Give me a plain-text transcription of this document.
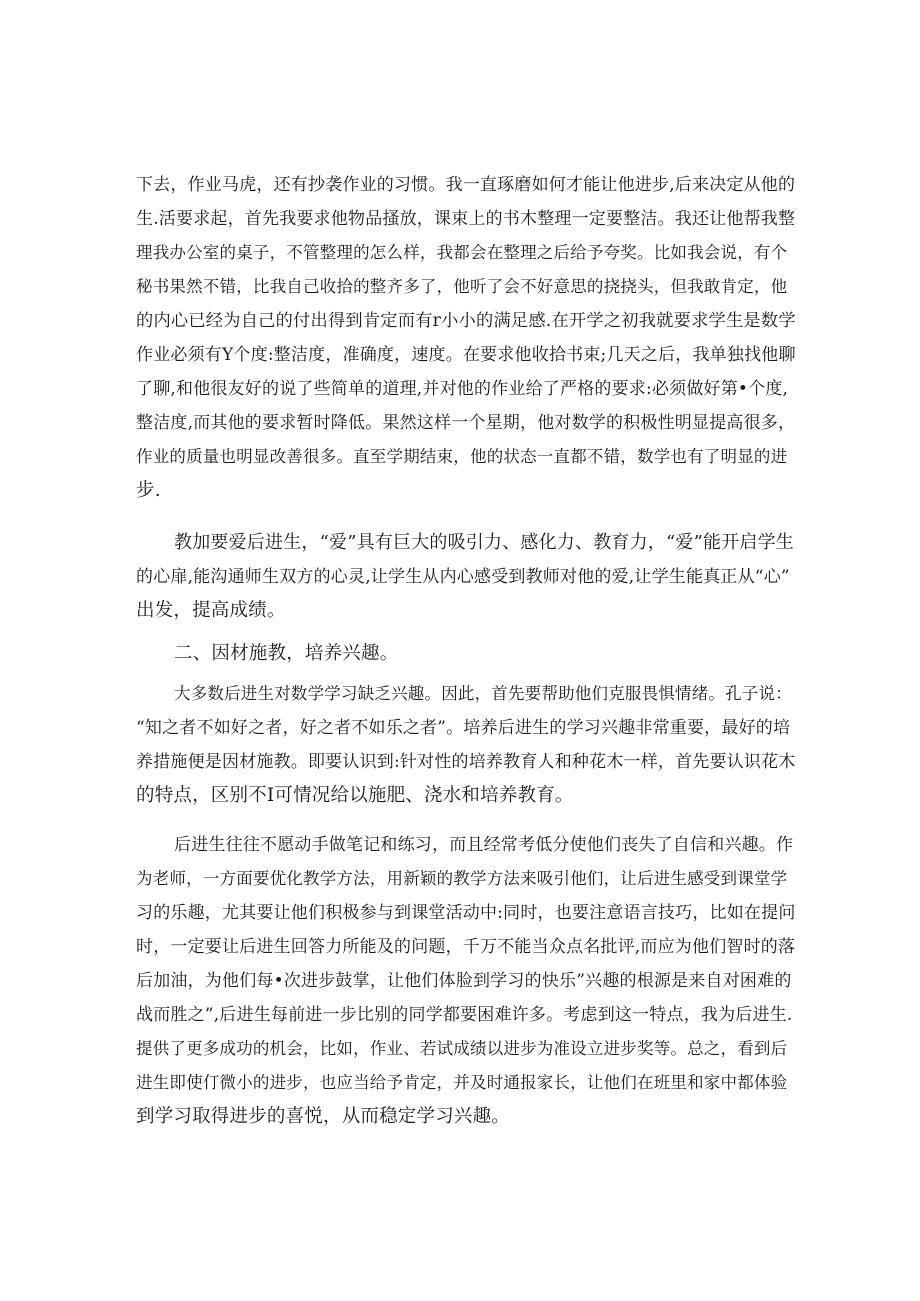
下去，作业马虎，还有抄袭作业的习惯。我一直琢磨如何才能让他进步,后来决定从他的
生.活要求起，首先我要求他物品搔放，课束上的书木整理一定要整洁。我还让他帮我整
理我办公室的桌子，不管整理的怎么样，我都会在整理之后给予夸奖。比如我会说，有个
秘书果然不错，比我自己收拾的整齐多了，他听了会不好意思的挠挠头，但我敢肯定，他
的内心已经为自己的付出得到肯定而有r小小的满足感.在开学之初我就要求学生是数学
作业必须有Y个度:整洁度，准确度，速度。在要求他收拾书束;几天之后，我单独找他聊
了聊,和他很友好的说了些简单的道理,并对他的作业给了严格的要求:必须做好第•个度,
整洁度,而其他的要求暂时降低。果然这样一个星期，他对数学的积极性明显提高很多，
作业的质量也明显改善很多。直至学期结束，他的状态一直都不错，数学也有了明显的进
步.
教加要爱后进生，“爱”具有巨大的吸引力、感化力、教育力，“爱”能开启学生
的心扉,能沟通师生双方的心灵,让学生从内心感受到教师对他的爱,让学生能真正从“心”
出发，提高成绩。
二、因材施教，培养兴趣。
大多数后进生对数学学习缺乏兴趣。因此，首先要帮助他们克服畏惧情绪。孔子说：
“知之者不如好之者，好之者不如乐之者”。培养后进生的学习兴趣非常重要，最好的培
养措施便是因材施教。即要认识到:针对性的培养教育人和种花木一样，首先要认识花木
的特点，区别不I可情况给以施肥、浇水和培养教育。
后进生往往不愿动手做笔记和练习，而且经常考低分使他们丧失了自信和兴趣。作
为老师，一方面要优化教学方法，用新颖的教学方法来吸引他们，让后进生感受到课堂学
习的乐趣，尤其要让他们积极参与到课堂活动中:同时，也要注意语言技巧，比如在提问
时，一定要让后进生回答力所能及的问题，千万不能当众点名批评,而应为他们智时的落
后加油，为他们每•次进步鼓掌，让他们体脸到学习的快乐”兴趣的根源是来自对困难的
战而胜之”,后进生每前进一步比别的同学都要困难许多。考虑到这一特点，我为后进生.
提供了更多成功的机会，比如，作业、若试成绩以进步为准设立进步奖等。总之，看到后
进生即使仃微小的进步，也应当给予肯定，并及时通报家长，让他们在班里和家中都体验
到学习取得进步的喜悦，从而稳定学习兴趣。
